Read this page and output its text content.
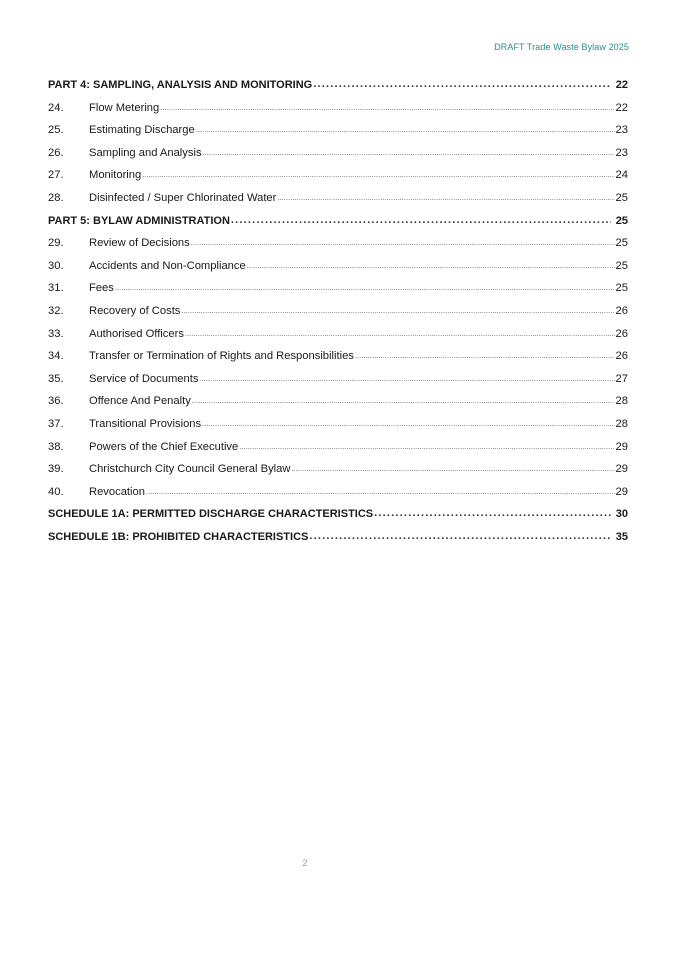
DRAFT Trade Waste Bylaw 2025
PART 4: SAMPLING, ANALYSIS AND MONITORING .....	22
24.	Flow Metering .....	22
25.	Estimating Discharge .....	23
26.	Sampling and Analysis .....	23
27.	Monitoring .....	24
28.	Disinfected / Super Chlorinated Water .....	25
PART 5: BYLAW ADMINISTRATION .....	25
29.	Review of Decisions .....	25
30.	Accidents and Non-Compliance .....	25
31.	Fees .....	25
32.	Recovery of Costs .....	26
33.	Authorised Officers .....	26
34.	Transfer or Termination of Rights and Responsibilities .....	26
35.	Service of Documents .....	27
36.	Offence And Penalty .....	28
37.	Transitional Provisions .....	28
38.	Powers of the Chief Executive .....	29
39.	Christchurch City Council General Bylaw .....	29
40.	Revocation .....	29
SCHEDULE 1A: PERMITTED DISCHARGE CHARACTERISTICS .....	30
SCHEDULE 1B: PROHIBITED CHARACTERISTICS .....	35
2
